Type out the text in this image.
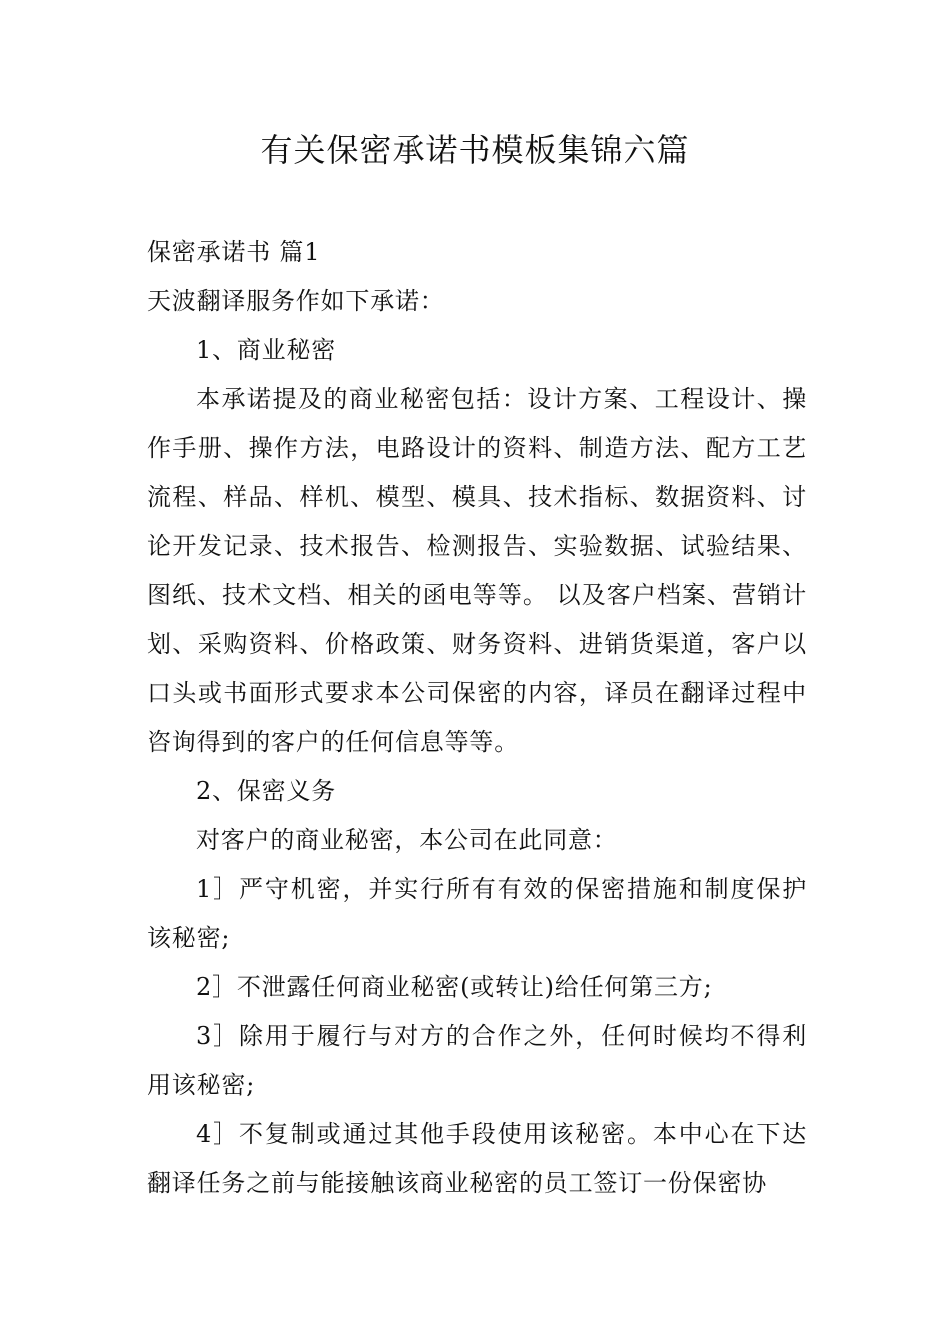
有关保密承诺书模板集锦六篇

保密承诺书 篇1

天波翻译服务作如下承诺：

1、商业秘密

本承诺提及的商业秘密包括：设计方案、工程设计、操作手册、操作方法，电路设计的资料、制造方法、配方工艺流程、样品、样机、模型、模具、技术指标、数据资料、讨论开发记录、技术报告、检测报告、实验数据、试验结果、图纸、技术文档、相关的函电等等。 以及客户档案、营销计划、采购资料、价格政策、财务资料、进销货渠道，客户以口头或书面形式要求本公司保密的内容，译员在翻译过程中咨询得到的客户的任何信息等等。

2、保密义务

对客户的商业秘密，本公司在此同意：

1］严守机密，并实行所有有效的保密措施和制度保护该秘密;

2］不泄露任何商业秘密(或转让)给任何第三方;

3］除用于履行与对方的合作之外，任何时候均不得利用该秘密;

4］不复制或通过其他手段使用该秘密。本中心在下达翻译任务之前与能接触该商业秘密的员工签订一份保密协
